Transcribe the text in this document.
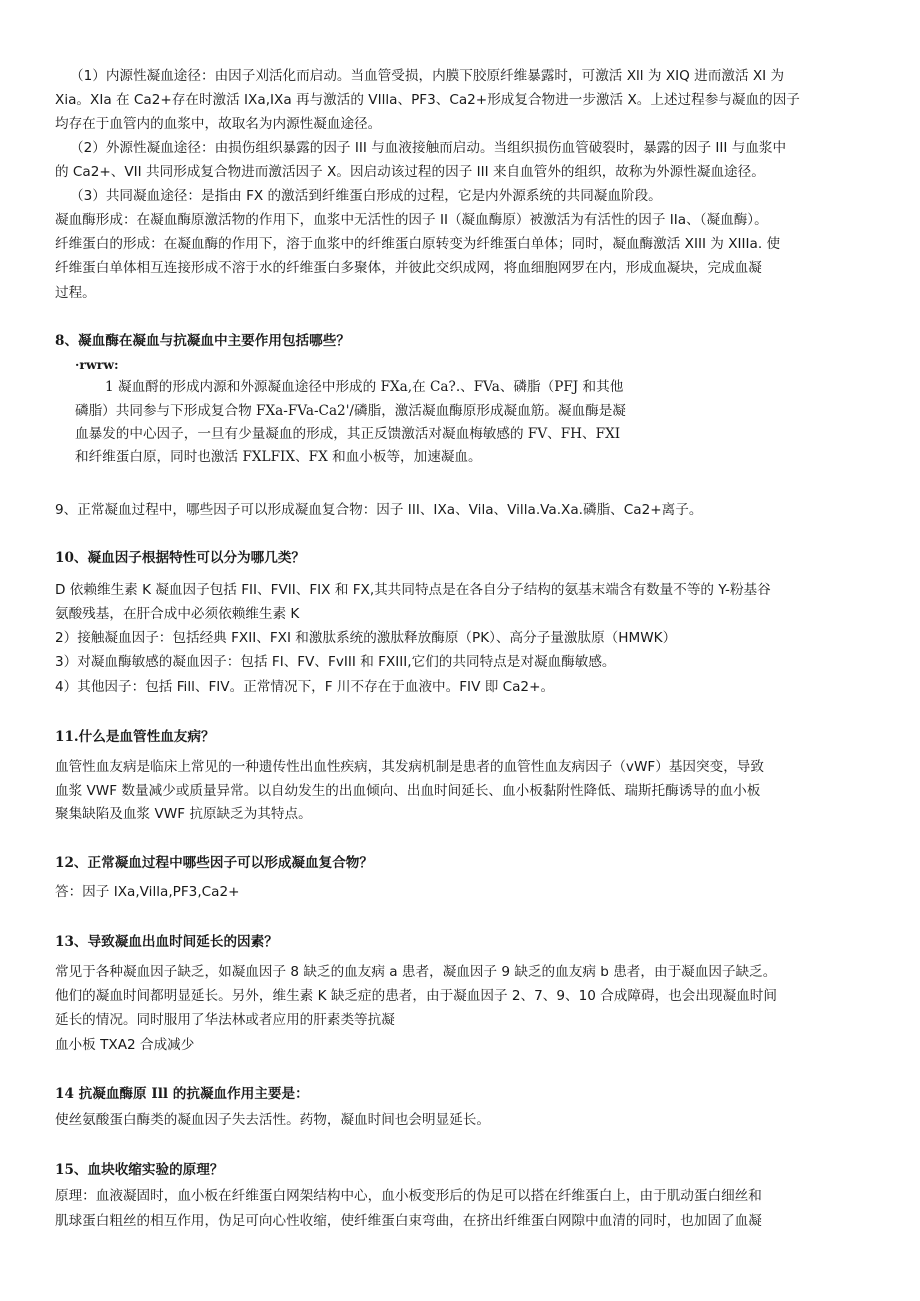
（1）内源性凝血途径：由因子刈活化而启动。当血管受损，内膜下胶原纤维暴露时，可激活 Xll 为 XIQ 进而激活 XI 为
Xia。XIa 在 Ca2+存在时激活 IXa,IXa 再与激活的 VIlla、PF3、Ca2+形成复合物进一步激活 X。上述过程参与凝血的因子
均存在于血管内的血浆中，故取名为内源性凝血途径。
（2）外源性凝血途径：由损伤组织暴露的因子 III 与血液接触而启动。当组织损伤血管破裂时，暴露的因子 III 与血浆中
的 Ca2+、VII 共同形成复合物进而激活因子 X。因启动该过程的因子 III 来自血管外的组织，故称为外源性凝血途径。
（3）共同凝血途径：是指由 FX 的激活到纤维蛋白形成的过程，它是内外源系统的共同凝血阶段。
凝血酶形成：在凝血酶原激活物的作用下，血浆中无活性的因子 II（凝血酶原）被激活为有活性的因子 IIa、（凝血酶）。
纤维蛋白的形成：在凝血酶的作用下，溶于血浆中的纤维蛋白原转变为纤维蛋白单体；同时，凝血酶激活 XIII 为 XIIIa. 使
纤维蛋白单体相互连接形成不溶于水的纤维蛋白多聚体，并彼此交织成网，将血细胞网罗在内，形成血凝块，完成血凝
过程。
8、凝血酶在凝血与抗凝血中主要作用包括哪些？
·rwrw:
1 凝血酹的形成内源和外源凝血途径中形成的 FXa,在 Ca?.、FVa、磷脂（PFJ 和其他
磷脂）共同参与下形成复合物 FXa-FVa-Ca2'/磷脂，激活凝血酶原形成凝血筋。凝血酶是凝
血暴发的中心因子，一旦有少量凝血的形成，其正反馈激活对凝血梅敏感的 FV、FH、FXI
和纤维蛋白原，同时也激活 FXLFIX、FX 和血小板等，加速凝血。
9、正常凝血过程中，哪些因子可以形成凝血复合物：因子 III、IXa、Vila、Villa.Va.Xa.磷脂、Ca2+离子。
10、凝血因子根据特性可以分为哪几类？
D 依赖维生素 K 凝血因子包括 FII、FVII、FIX 和 FX,其共同特点是在各自分子结构的氨基末端含有数量不等的 Y-粉基谷
氨酸残基，在肝合成中必须依赖维生素 K
2）接触凝血因子：包括经典 FXII、FXI 和激肽系统的激肽释放酶原（PK）、高分子量激肽原（HMWK）
3）对凝血酶敏感的凝血因子：包括 FI、FV、FvIII 和 FXIII,它们的共同特点是对凝血酶敏感。
4）其他因子：包括 Fill、FIV。正常情况下，F 川不存在于血液中。FIV 即 Ca2+。
11.什么是血管性血友病？
血管性血友病是临床上常见的一种遗传性出血性疾病，其发病机制是患者的血管性血友病因子（vWF）基因突变，导致
血浆 VWF 数量减少或质量异常。以自幼发生的出血倾向、出血时间延长、血小板黏附性降低、瑞斯托酶诱导的血小板
聚集缺陷及血浆 VWF 抗原缺乏为其特点。
12、正常凝血过程中哪些因子可以形成凝血复合物？
答：因子 IXa,Villa,PF3,Ca2+
13、导致凝血出血时间延长的因素？
常见于各种凝血因子缺乏，如凝血因子 8 缺乏的血友病 a 患者，凝血因子 9 缺乏的血友病 b 患者，由于凝血因子缺乏。
他们的凝血时间都明显延长。另外，维生素 K 缺乏症的患者，由于凝血因子 2、7、9、10 合成障碍，也会出现凝血时间
延长的情况。同时服用了华法林或者应用的肝素类等抗凝
血小板 TXA2 合成减少
14 抗凝血酶原 Ill 的抗凝血作用主要是：
使丝氨酸蛋白酶类的凝血因子失去活性。药物，凝血时间也会明显延长。
15、血块收缩实验的原理？
原理：血液凝固时，血小板在纤维蛋白网架结构中心，血小板变形后的伪足可以搭在纤维蛋白上，由于肌动蛋白细丝和
肌球蛋白粗丝的相互作用，伪足可向心性收缩，使纤维蛋白束弯曲，在挤出纤维蛋白网隙中血清的同时，也加固了血凝
